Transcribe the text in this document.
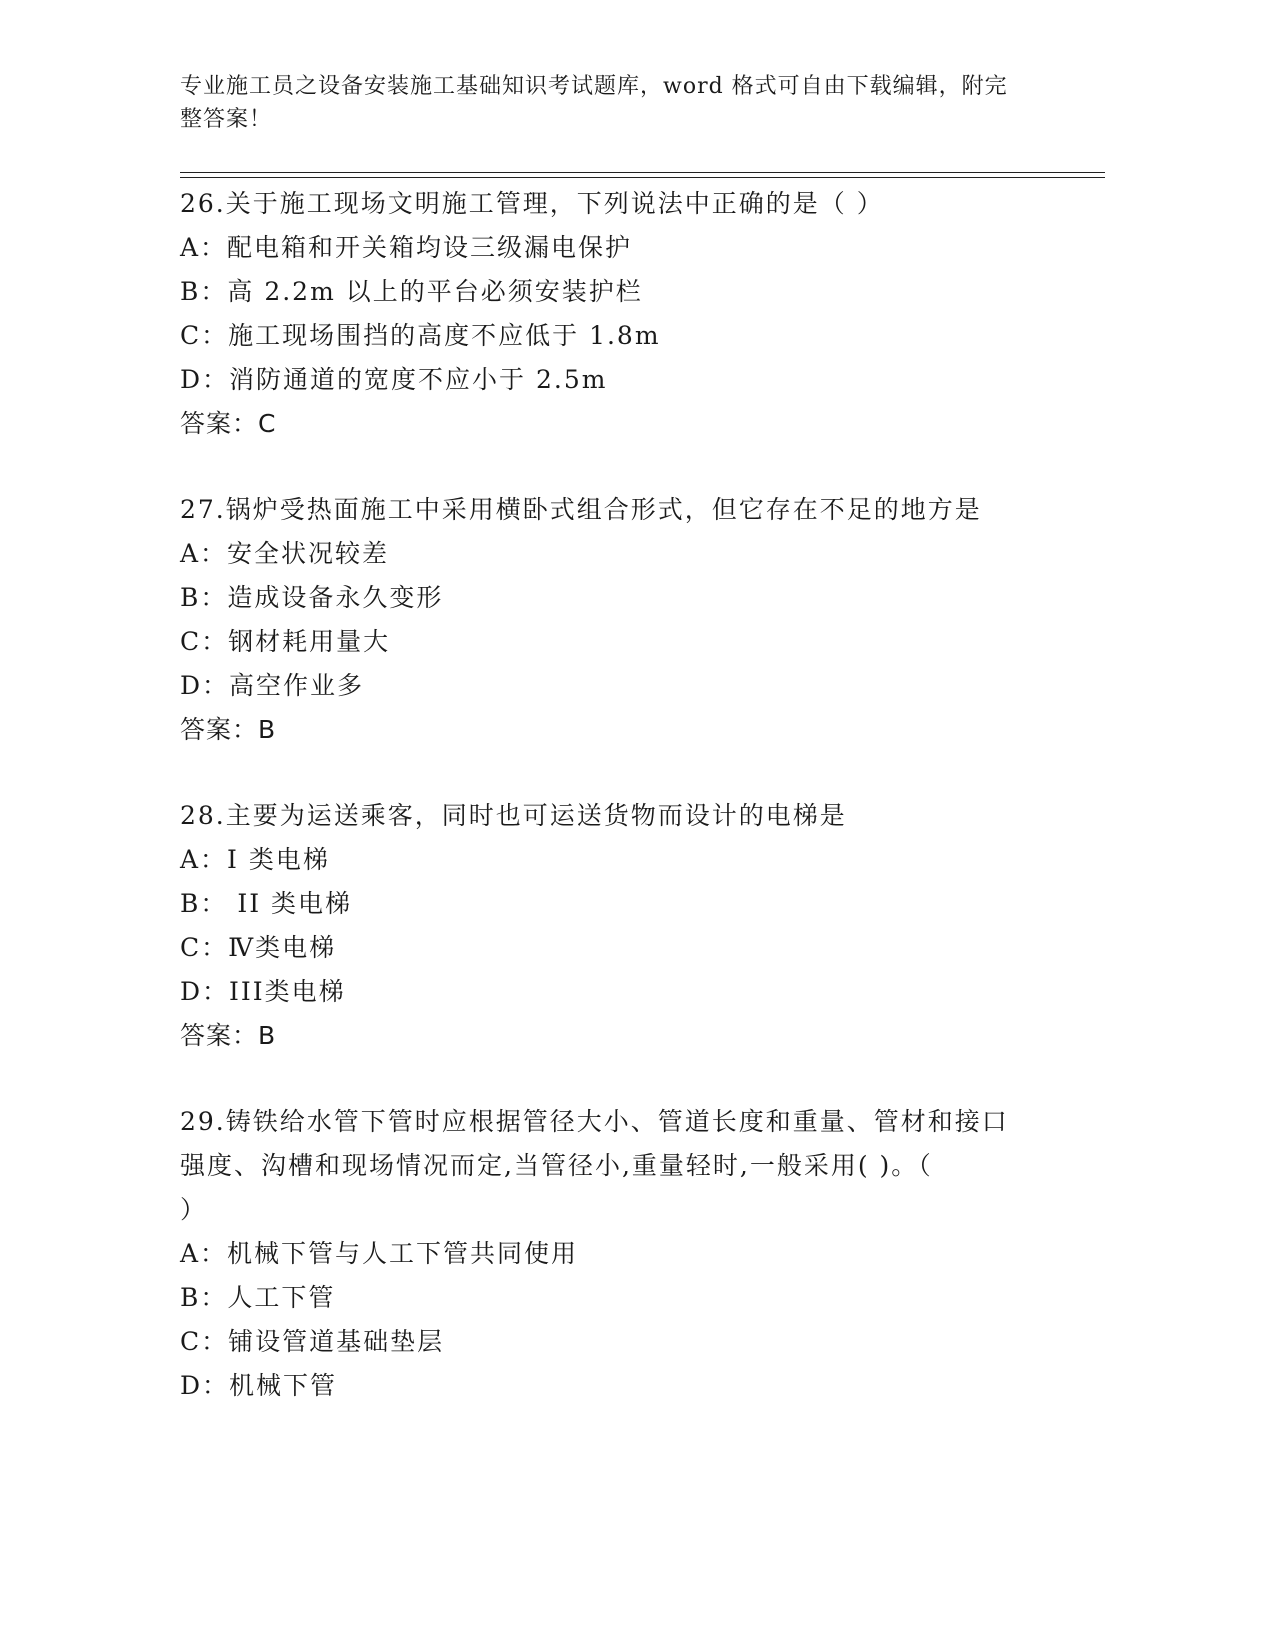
专业施工员之设备安装施工基础知识考试题库，word 格式可自由下载编辑，附完
整答案！
26.关于施工现场文明施工管理，下列说法中正确的是（ ）
A：配电箱和开关箱均设三级漏电保护
B：高 2.2m 以上的平台必须安装护栏
C：施工现场围挡的高度不应低于 1.8m
D：消防通道的宽度不应小于 2.5m
答案：C
27.锅炉受热面施工中采用横卧式组合形式，但它存在不足的地方是
A：安全状况较差
B：造成设备永久变形
C：钢材耗用量大
D：高空作业多
答案：B
28.主要为运送乘客，同时也可运送货物而设计的电梯是
A：I 类电梯
B： II 类电梯
C：Ⅳ类电梯
D：III类电梯
答案：B
29.铸铁给水管下管时应根据管径大小、管道长度和重量、管材和接口
强度、沟槽和现场情况而定,当管径小,重量轻时,一般采用( )。（
）
A：机械下管与人工下管共同使用
B：人工下管
C：铺设管道基础垫层
D：机械下管
